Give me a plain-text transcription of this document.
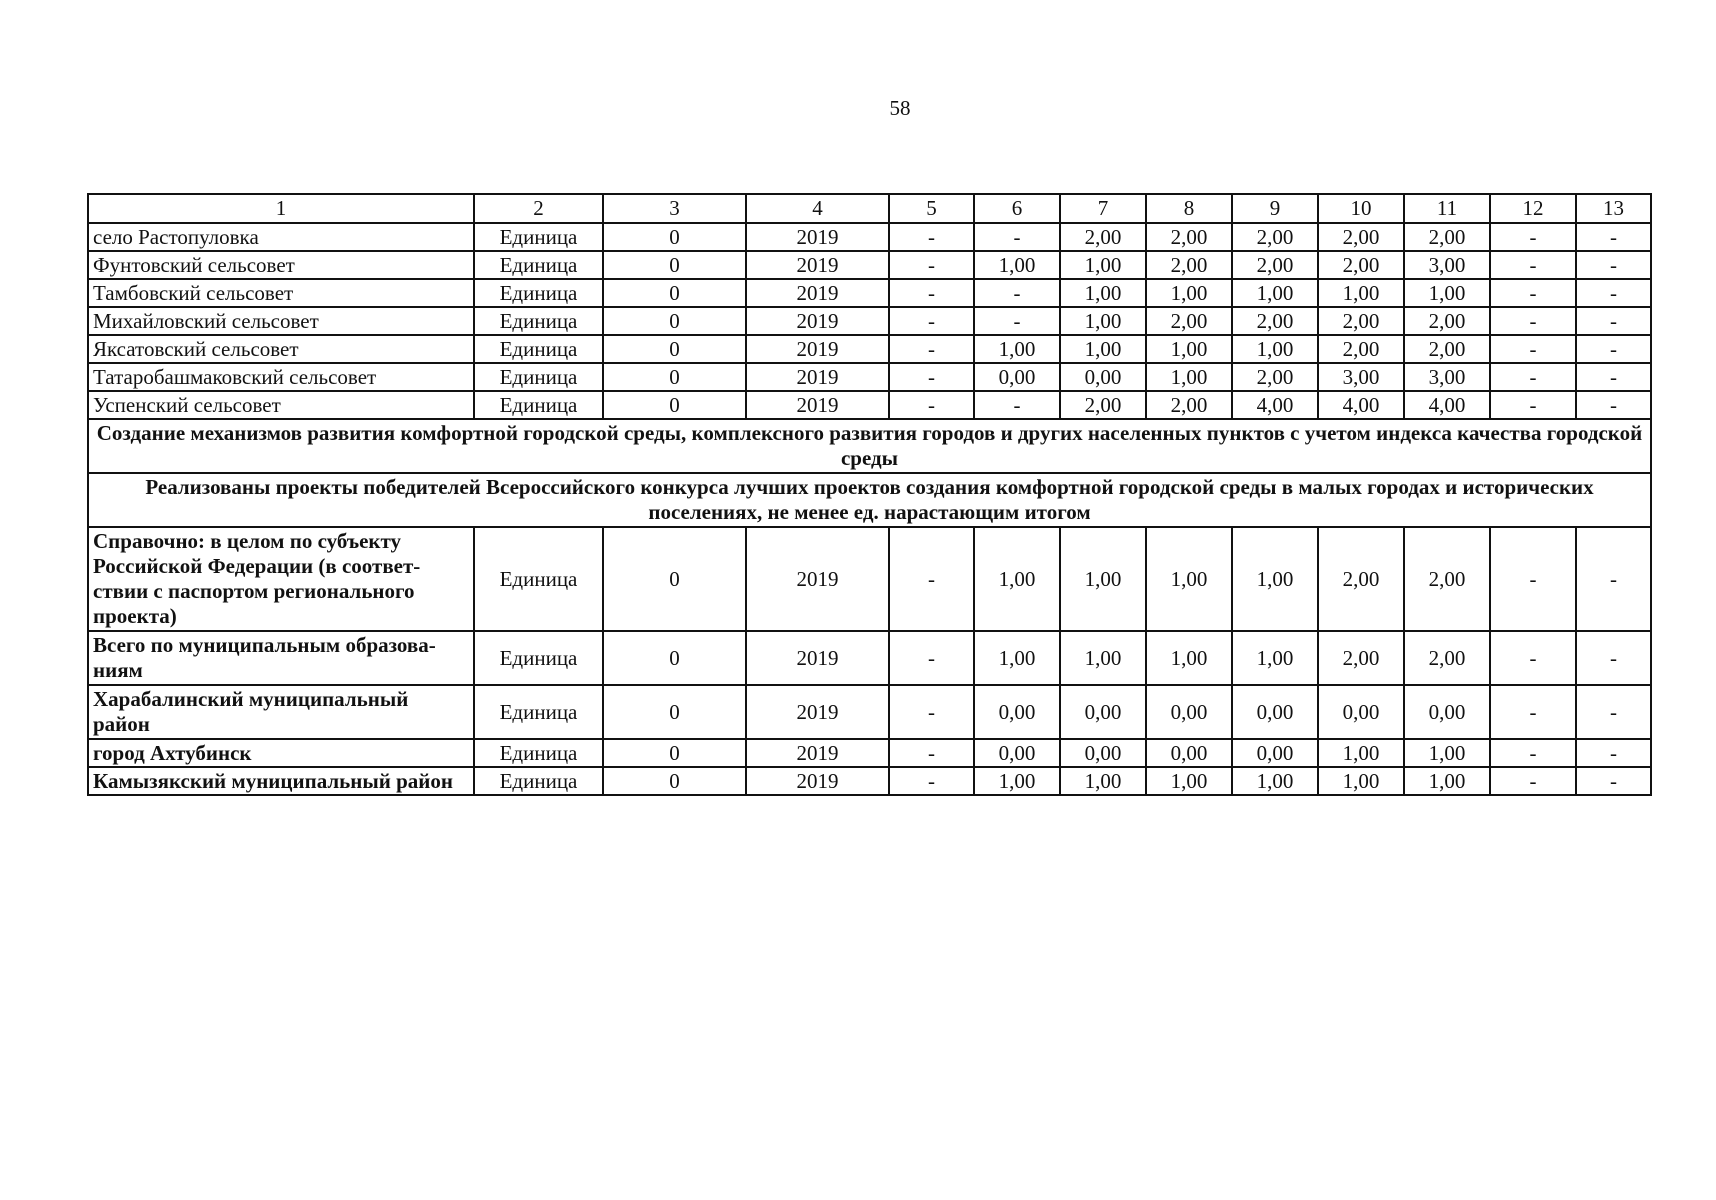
58
1	2	3	4	5	6	7	8	9	10	11	12	13
село Растопуловка	Единица	0	2019	-	-	2,00	2,00	2,00	2,00	2,00	-	-
Фунтовский сельсовет	Единица	0	2019	-	1,00	1,00	2,00	2,00	2,00	3,00	-	-
Тамбовский сельсовет	Единица	0	2019	-	-	1,00	1,00	1,00	1,00	1,00	-	-
Михайловский сельсовет	Единица	0	2019	-	-	1,00	2,00	2,00	2,00	2,00	-	-
Яксатовский сельсовет	Единица	0	2019	-	1,00	1,00	1,00	1,00	2,00	2,00	-	-
Татаробашмаковский сельсовет	Единица	0	2019	-	0,00	0,00	1,00	2,00	3,00	3,00	-	-
Успенский сельсовет	Единица	0	2019	-	-	2,00	2,00	4,00	4,00	4,00	-	-
Создание механизмов развития комфортной городской среды, комплексного развития городов и других населенных пунктов с учетом индекса качества городской среды												
Реализованы проекты победителей Всероссийского конкурса лучших проектов создания комфортной городской среды в малых городах и исторических поселениях, не менее ед. нарастающим итогом												
Справочно: в целом по субъекту Российской Федерации (в соответ-ствии с паспортом регионального проекта)	Единица	0	2019	-	1,00	1,00	1,00	1,00	2,00	2,00	-	-
Всего по муниципальным образова-ниям	Единица	0	2019	-	1,00	1,00	1,00	1,00	2,00	2,00	-	-
Харабалинский муниципальный район	Единица	0	2019	-	0,00	0,00	0,00	0,00	0,00	0,00	-	-
город Ахтубинск	Единица	0	2019	-	0,00	0,00	0,00	0,00	1,00	1,00	-	-
Камызякский муниципальный район	Единица	0	2019	-	1,00	1,00	1,00	1,00	1,00	1,00	-	-
